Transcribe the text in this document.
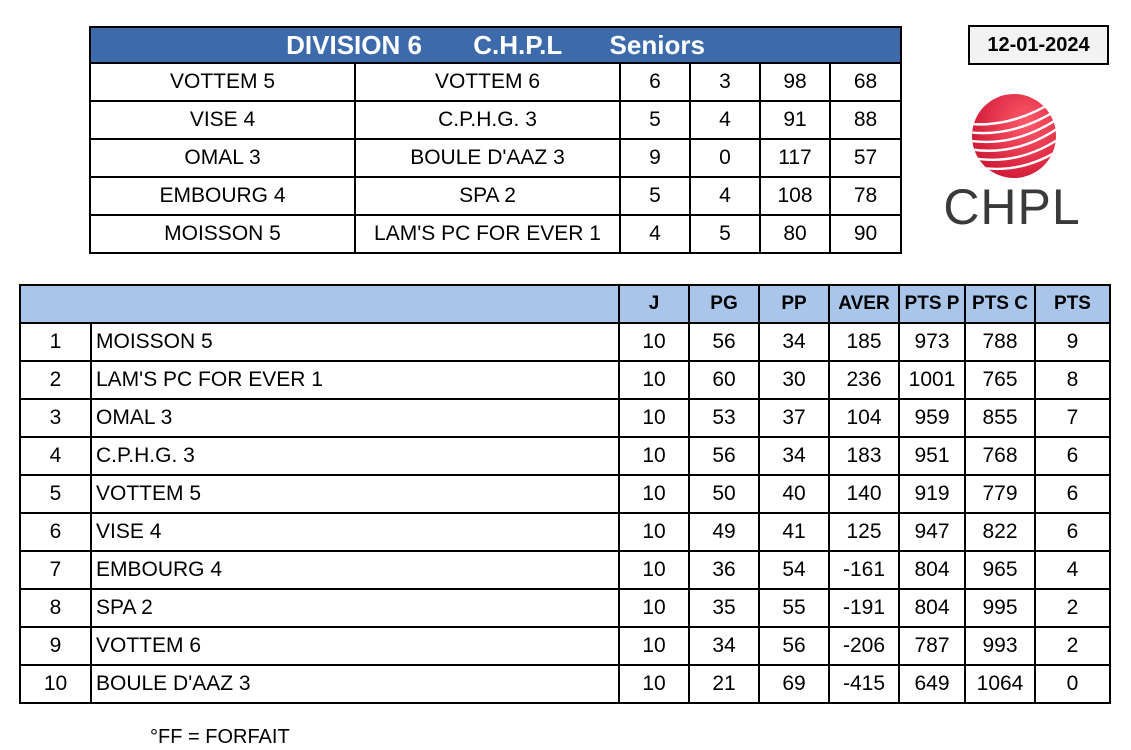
DIVISION 6 C.H.P.L Seniors					
VOTTEM 5	VOTTEM 6	6	3	98	68
VISE 4	C.P.H.G. 3	5	4	91	88
OMAL 3	BOULE D'AAZ 3	9	0	117	57
EMBOURG 4	SPA 2	5	4	108	78
MOISSON 5	LAM'S PC FOR EVER 1	4	5	80	90
12-01-2024
CHPL
		J	PG	PP	AVER	PTS P	PTS C	PTS
1	MOISSON 5	10	56	34	185	973	788	9
2	LAM'S PC FOR EVER 1	10	60	30	236	1001	765	8
3	OMAL 3	10	53	37	104	959	855	7
4	C.P.H.G. 3	10	56	34	183	951	768	6
5	VOTTEM 5	10	50	40	140	919	779	6
6	VISE 4	10	49	41	125	947	822	6
7	EMBOURG 4	10	36	54	-161	804	965	4
8	SPA 2	10	35	55	-191	804	995	2
9	VOTTEM 6	10	34	56	-206	787	993	2
10	BOULE D'AAZ 3	10	21	69	-415	649	1064	0
°FF = FORFAIT
